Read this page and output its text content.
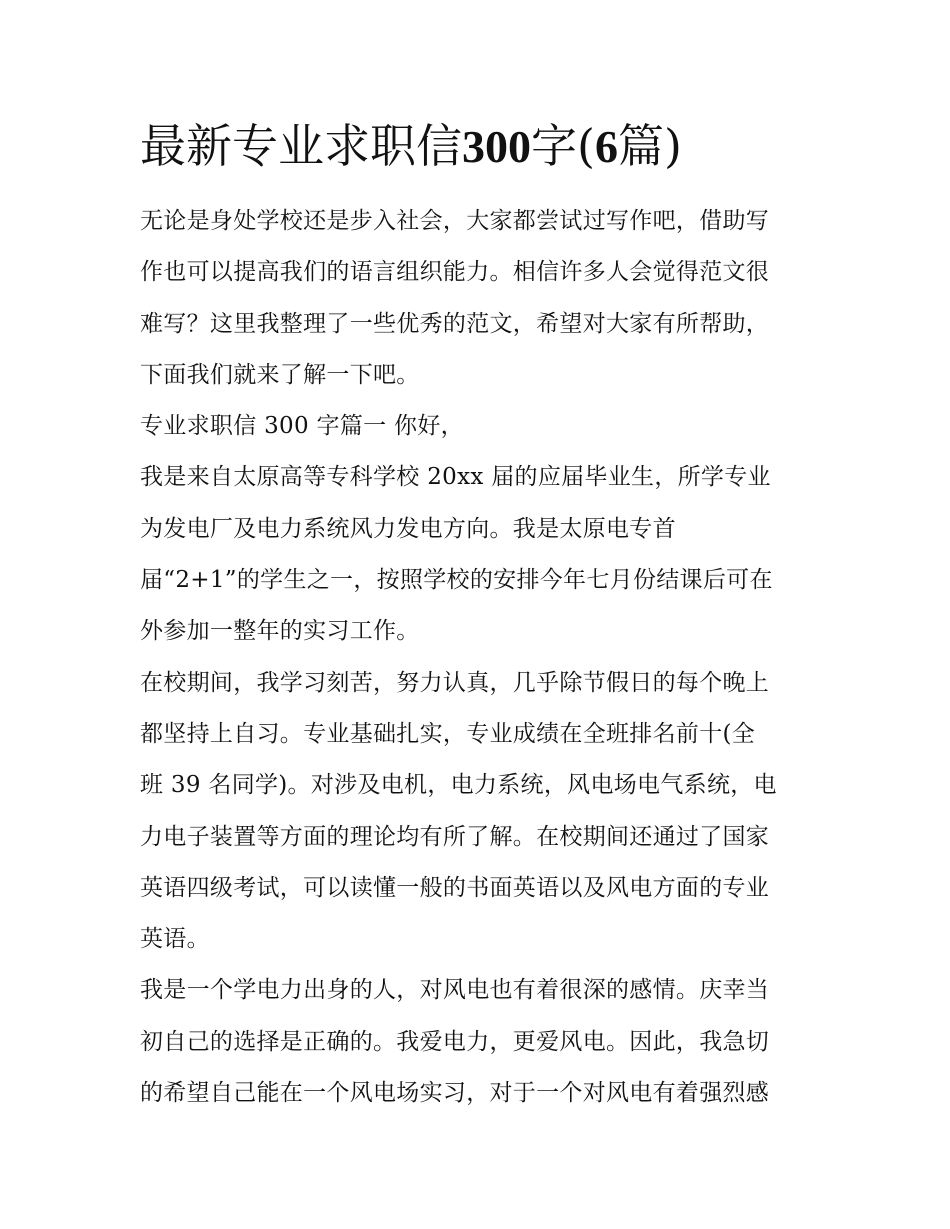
最新专业求职信300字(6篇)
无论是身处学校还是步入社会，大家都尝试过写作吧，借助写
作也可以提高我们的语言组织能力。相信许多人会觉得范文很
难写？这里我整理了一些优秀的范文，希望对大家有所帮助，
下面我们就来了解一下吧。
专业求职信 300 字篇一 你好，
我是来自太原高等专科学校 20xx 届的应届毕业生，所学专业
为发电厂及电力系统风力发电方向。我是太原电专首
届“2+1”的学生之一，按照学校的安排今年七月份结课后可在
外参加一整年的实习工作。
在校期间，我学习刻苦，努力认真，几乎除节假日的每个晚上
都坚持上自习。专业基础扎实，专业成绩在全班排名前十(全
班 39 名同学)。对涉及电机，电力系统，风电场电气系统，电
力电子装置等方面的理论均有所了解。在校期间还通过了国家
英语四级考试，可以读懂一般的书面英语以及风电方面的专业
英语。
我是一个学电力出身的人，对风电也有着很深的感情。庆幸当
初自己的选择是正确的。我爱电力，更爱风电。因此，我急切
的希望自己能在一个风电场实习，对于一个对风电有着强烈感
